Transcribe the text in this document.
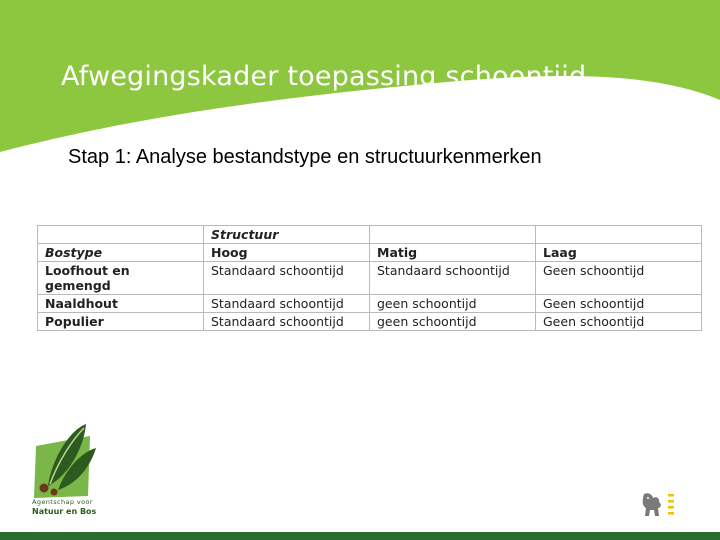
Afwegingskader toepassing schoontijd
Stap 1: Analyse bestandstype en structuurkenmerken
	Structuur		
Bostype	Hoog	Matig	Laag
Loofhout en gemengd	Standaard schoontijd	Standaard schoontijd	Geen schoontijd
Naaldhout	Standaard schoontijd	geen schoontijd	Geen schoontijd
Populier	Standaard schoontijd	geen schoontijd	Geen schoontijd
Agentschap voor
Natuur en Bos
